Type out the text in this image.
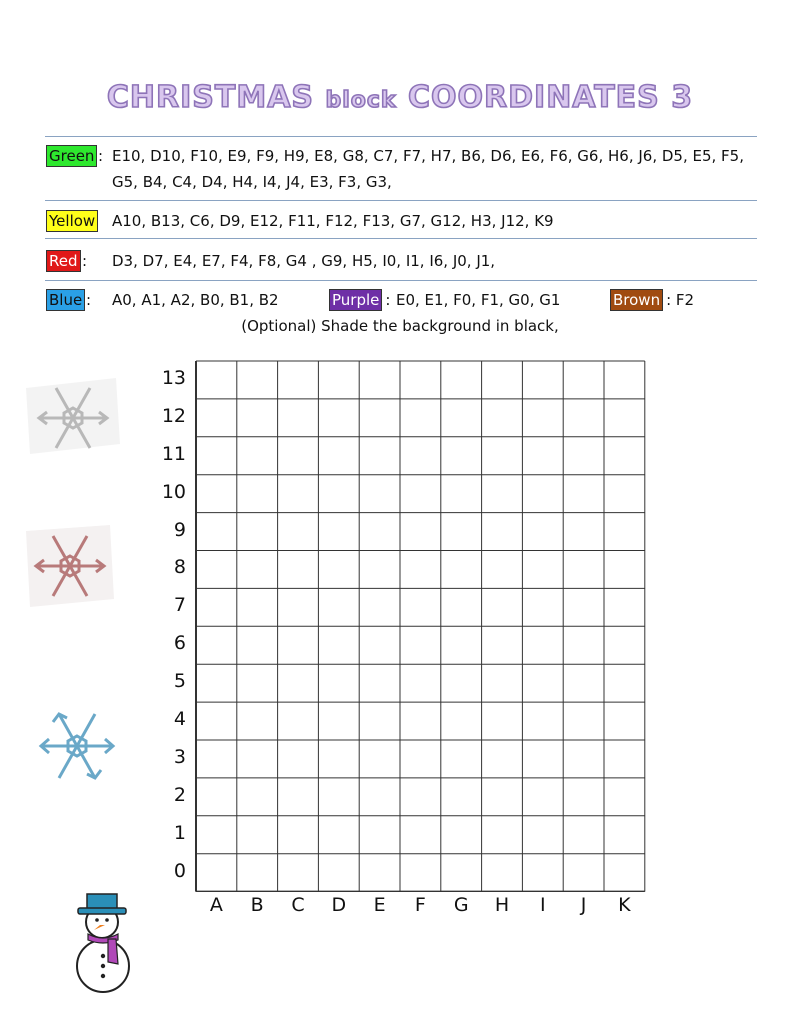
CHRISTMAS block COORDINATES 3
Green : E10, D10, F10, E9, F9, H9, E8, G8, C7, F7, H7, B6, D6, E6, F6, G6, H6, J6, D5, E5, F5, G5, B4, C4, D4, H4, I4, J4, E3, F3, G3,
Yellow A10, B13, C6, D9, E12, F11, F12, F13, G7, G12, H3, J12, K9
Red : D3, D7, E4, E7, F4, F8, G4 , G9, H5, I0, I1, I6, J0, J1,
Blue : A0, A1, A2, B0, B1, B2	Purple : E0, E1, F0, F1, G0, G1	Brown : F2
(Optional) Shade the background in black,
13
12
11
10
9
8
7
6
5
4
3
2
1
0
A B C D	E	F	G H	I	J	K
